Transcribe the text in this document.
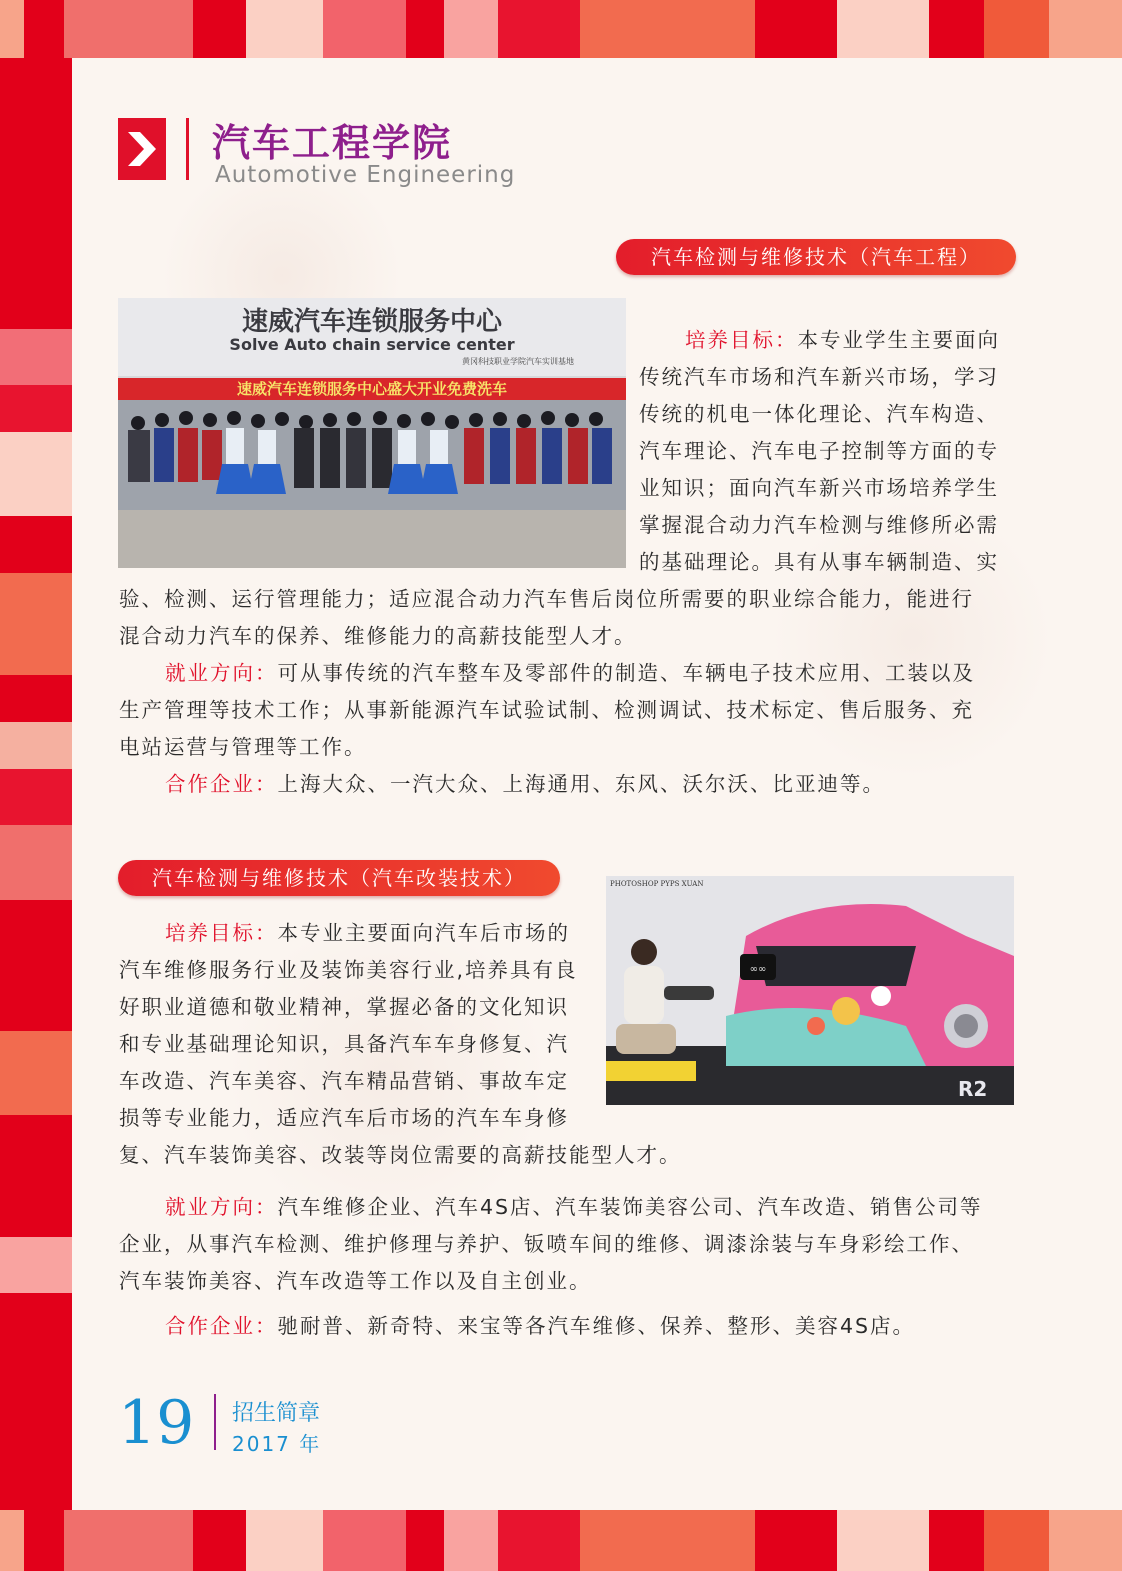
汽车工程学院
Automotive Engineering
汽车检测与维修技术（汽车工程）
速威汽车连锁服务中心
Solve Auto chain service center
黄冈科技职业学院汽车实训基地
速威汽车连锁服务中心盛大开业免费洗车
培养目标：本专业学生主要面向
传统汽车市场和汽车新兴市场，学习
传统的机电一体化理论、汽车构造、
汽车理论、汽车电子控制等方面的专
业知识；面向汽车新兴市场培养学生
掌握混合动力汽车检测与维修所必需
的基础理论。具有从事车辆制造、实
验、检测、运行管理能力；适应混合动力汽车售后岗位所需要的职业综合能力，能进行
混合动力汽车的保养、维修能力的高薪技能型人才。
就业方向：可从事传统的汽车整车及零部件的制造、车辆电子技术应用、工装以及
生产管理等技术工作；从事新能源汽车试验试制、检测调试、技术标定、售后服务、充
电站运营与管理等工作。
合作企业：上海大众、一汽大众、上海通用、东风、沃尔沃、比亚迪等。
汽车检测与维修技术（汽车改装技术）	PHOTOSHOP PYPS XUAN
∞∞
R2
培养目标：本专业主要面向汽车后市场的
汽车维修服务行业及装饰美容行业,培养具有良
好职业道德和敬业精神，掌握必备的文化知识
和专业基础理论知识，具备汽车车身修复、汽
车改造、汽车美容、汽车精品营销、事故车定
损等专业能力，适应汽车后市场的汽车车身修
复、汽车装饰美容、改装等岗位需要的高薪技能型人才。
就业方向：汽车维修企业、汽车4S店、汽车装饰美容公司、汽车改造、销售公司等
企业，从事汽车检测、维护修理与养护、钣喷车间的维修、调漆涂装与车身彩绘工作、
汽车装饰美容、汽车改造等工作以及自主创业。
合作企业：驰耐普、新奇特、来宝等各汽车维修、保养、整形、美容4S店。
19 招生简章
2017 年
